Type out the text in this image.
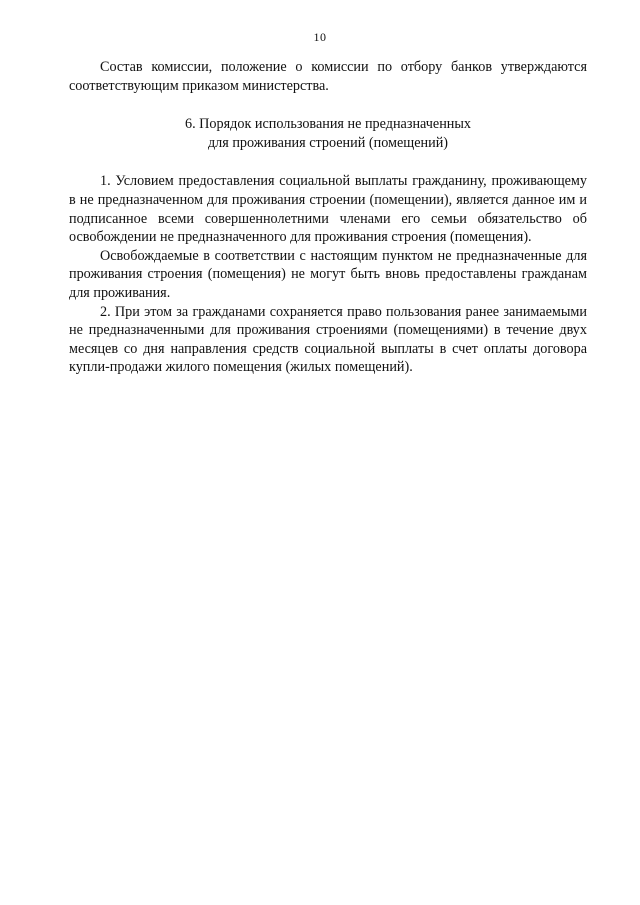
10

Состав комиссии, положение о комиссии по отбору банков утверждаются соответствующим приказом министерства.

6. Порядок использования не предназначенных
для проживания строений (помещений)

1. Условием предоставления социальной выплаты гражданину, проживающему в не предназначенном для проживания строении (помещении), является данное им и подписанное всеми совершеннолетними членами его семьи обязательство об освобождении не предназначенного для проживания строения (помещения).

Освобождаемые в соответствии с настоящим пунктом не предназначенные для проживания строения (помещения) не могут быть вновь предоставлены гражданам для проживания.

2. При этом за гражданами сохраняется право пользования ранее занимаемыми не предназначенными для проживания строениями (помещениями) в течение двух месяцев со дня направления средств социальной выплаты в счет оплаты договора купли-продажи жилого помещения (жилых помещений).
